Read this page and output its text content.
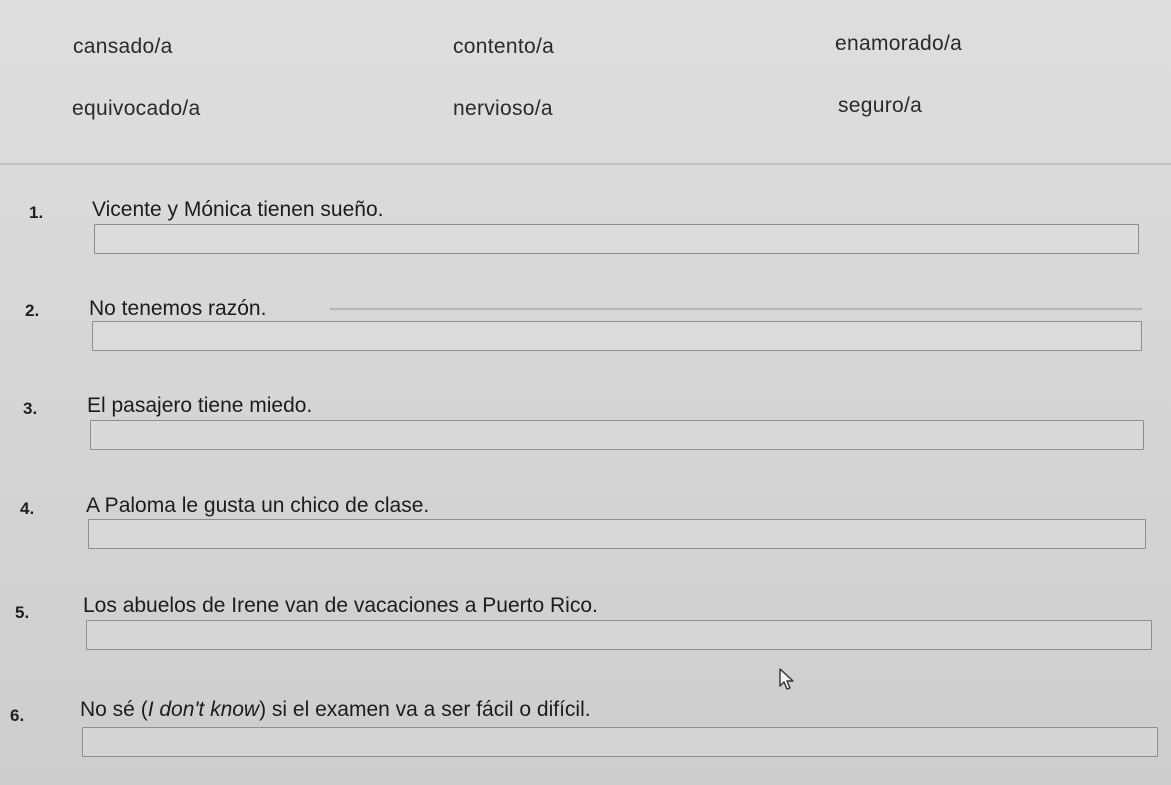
cansado/a	contento/a	enamorado/a
equivocado/a	nervioso/a	seguro/a
1. Vicente y Mónica tienen sueño.
2. No tenemos razón.
3. El pasajero tiene miedo.
4. A Paloma le gusta un chico de clase.
5.	Los abuelos de Irene van de vacaciones a Puerto Rico.
6.	No sé (I don't know) si el examen va a ser fácil o difícil.
